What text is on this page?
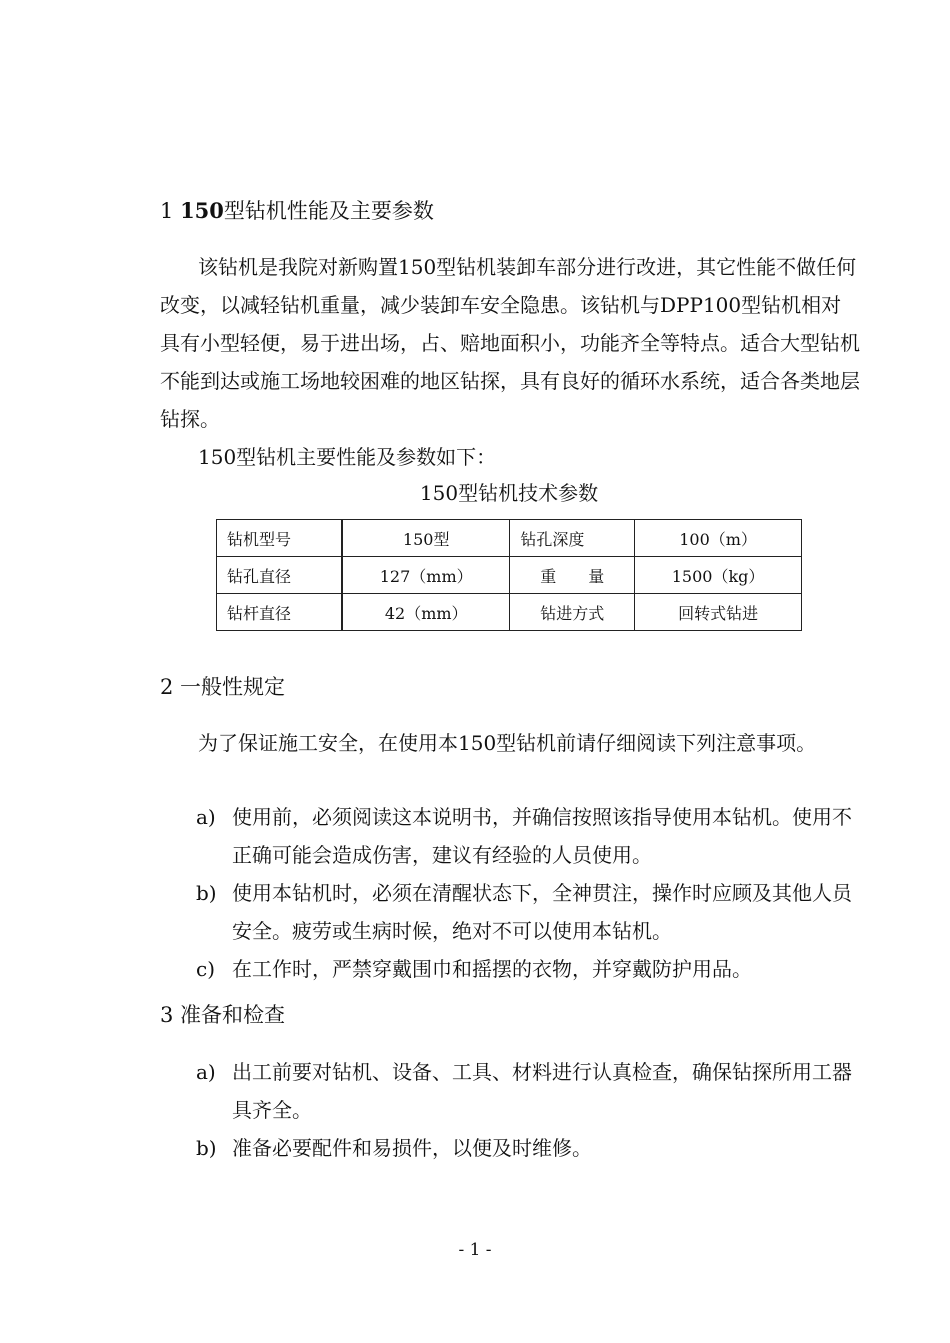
1 150型钻机性能及主要参数

该钻机是我院对新购置150型钻机装卸车部分进行改进，其它性能不做任何改变，以减轻钻机重量，减少装卸车安全隐患。该钻机与DPP100型钻机相对具有小型轻便，易于进出场，占、赔地面积小，功能齐全等特点。适合大型钻机不能到达或施工场地较困难的地区钻探，具有良好的循环水系统，适合各类地层钻探。

150型钻机主要性能及参数如下：

150型钻机技术参数
钻机型号	150型	钻孔深度	100（m）
钻孔直径	127（mm）	重　　量	1500（kg）
钻杆直径	42（mm）	钻进方式	回转式钻进
2 一般性规定

为了保证施工安全，在使用本150型钻机前请仔细阅读下列注意事项。

a) 使用前，必须阅读这本说明书，并确信按照该指导使用本钻机。使用不正确可能会造成伤害，建议有经验的人员使用。
b) 使用本钻机时，必须在清醒状态下，全神贯注，操作时应顾及其他人员安全。疲劳或生病时候，绝对不可以使用本钻机。
c) 在工作时，严禁穿戴围巾和摇摆的衣物，并穿戴防护用品。
3 准备和检查
a) 出工前要对钻机、设备、工具、材料进行认真检查，确保钻探所用工器具齐全。
b) 准备必要配件和易损件，以便及时维修。
- 1 -
